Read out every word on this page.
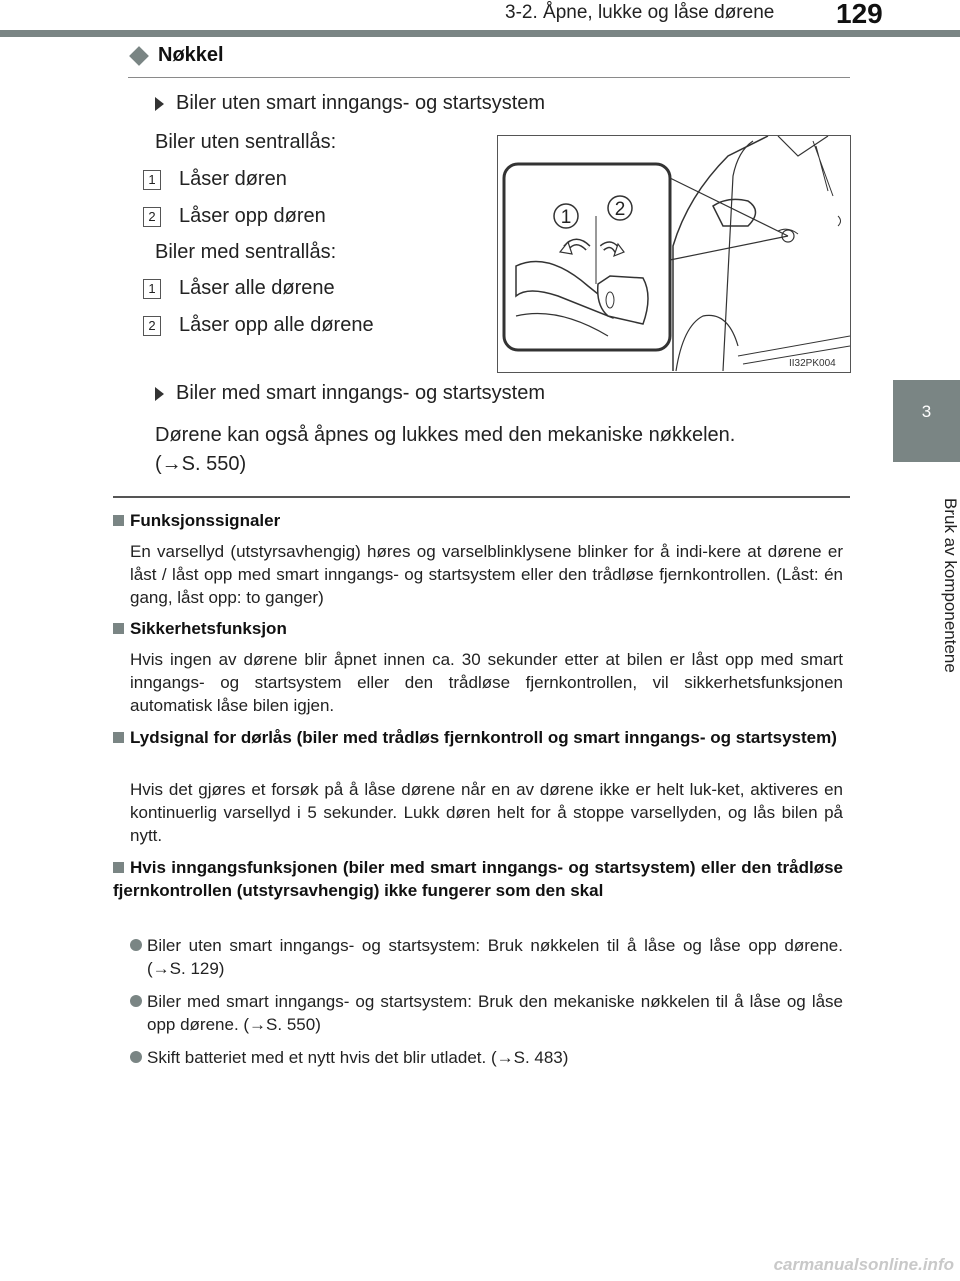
3-2. Åpne, lukke og låse dørene 129
3
Bruk av komponentene
Nøkkel
Biler uten smart inngangs- og startsystem
Biler uten sentrallås:
1 Låser døren
2 Låser opp døren
Biler med sentrallås:
1 Låser alle dørene
2 Låser opp alle dørene
1 2
II32PK004
Biler med smart inngangs- og startsystem
Dørene kan også åpnes og lukkes med den mekaniske nøkkelen.
(→S. 550)
Funksjonssignaler
En varsellyd (utstyrsavhengig) høres og varselblinklysene blinker for å indi-kere at dørene er låst / låst opp med smart inngangs- og startsystem eller den trådløse fjernkontrollen. (Låst: én gang, låst opp: to ganger)
Sikkerhetsfunksjon
Hvis ingen av dørene blir åpnet innen ca. 30 sekunder etter at bilen er låst opp med smart inngangs- og startsystem eller den trådløse fjernkontrollen, vil sikkerhetsfunksjonen automatisk låse bilen igjen.
Lydsignal for dørlås (biler med trådløs fjernkontroll og smart inngangs- og startsystem)
Hvis det gjøres et forsøk på å låse dørene når en av dørene ikke er helt luk-ket, aktiveres en kontinuerlig varsellyd i 5 sekunder. Lukk døren helt for å stoppe varsellyden, og lås bilen på nytt.
Hvis inngangsfunksjonen (biler med smart inngangs- og startsystem) eller den trådløse fjernkontrollen (utstyrsavhengig) ikke fungerer som den skal
Biler uten smart inngangs- og startsystem: Bruk nøkkelen til å låse og låse opp dørene. (→S. 129)
Biler med smart inngangs- og startsystem: Bruk den mekaniske nøkkelen til å låse og låse opp dørene. (→S. 550)
Skift batteriet med et nytt hvis det blir utladet. (→S. 483)
carmanualsonline.info
